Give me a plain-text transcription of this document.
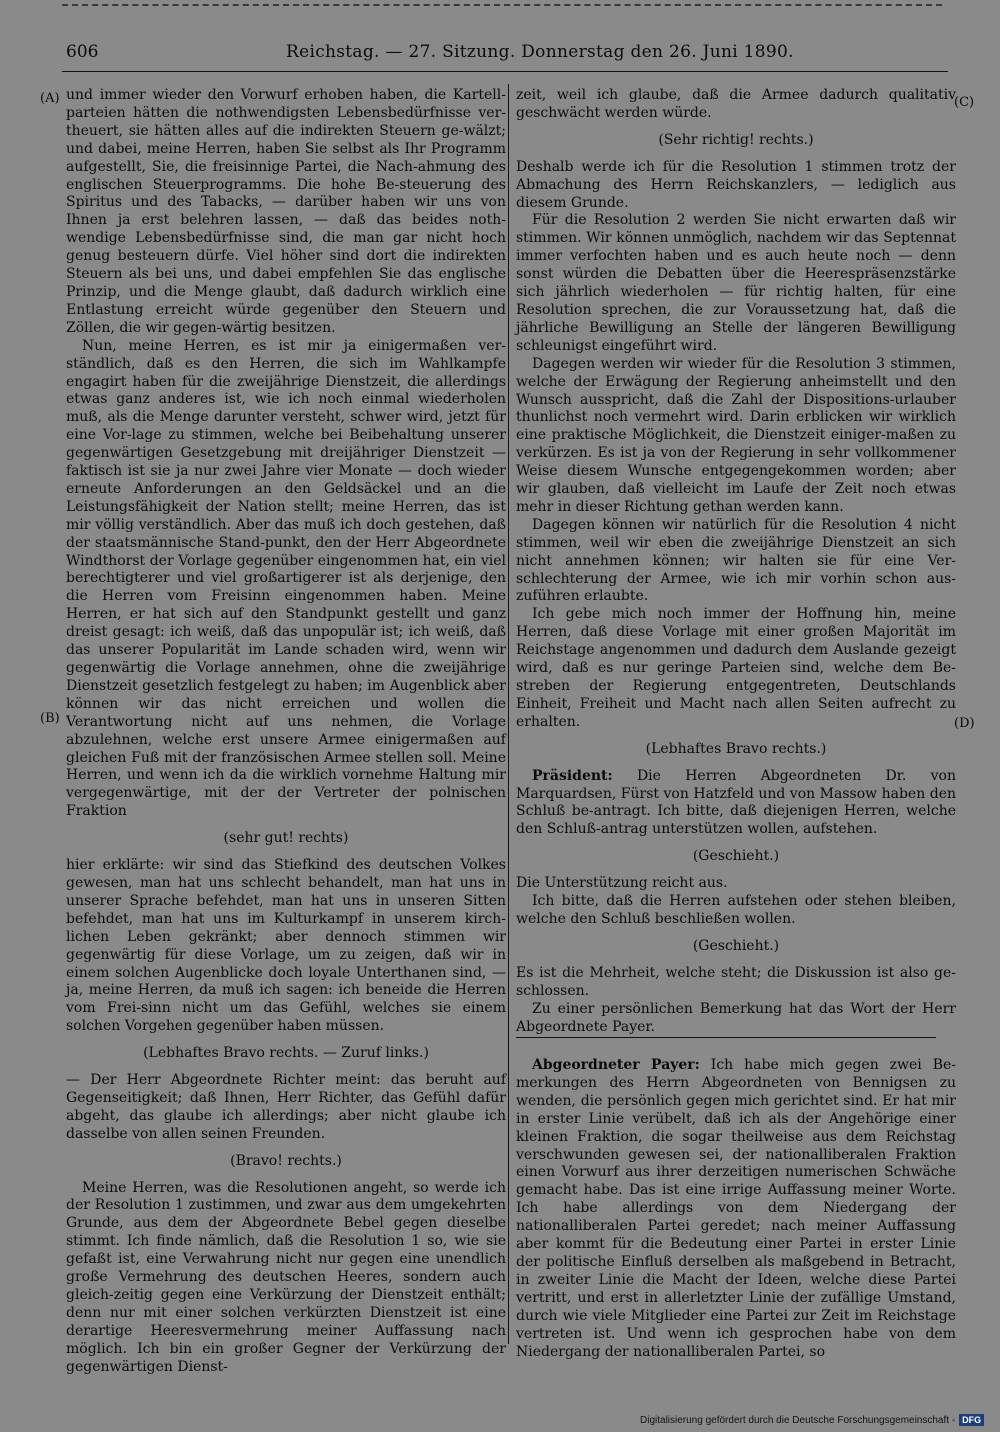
606	Reichstag. — 27. Sitzung. Donnerstag den 26. Juni 1890.
(A)
(B)
(C)
(D)

und immer wieder den Vorwurf erhoben haben, die Kartell-parteien hätten die nothwendigsten Lebensbedürfnisse ver-theuert, sie hätten alles auf die indirekten Steuern ge-wälzt; und dabei, meine Herren, haben Sie selbst als Ihr Programm aufgestellt, Sie, die freisinnige Partei, die Nach-ahmung des englischen Steuerprogramms. Die hohe Be-steuerung des Spiritus und des Tabacks, — darüber haben wir uns von Ihnen ja erst belehren lassen, — daß das beides noth-wendige Lebensbedürfnisse sind, die man gar nicht hoch genug besteuern dürfe. Viel höher sind dort die indirekten Steuern als bei uns, und dabei empfehlen Sie das englische Prinzip, und die Menge glaubt, daß dadurch wirklich eine Entlastung erreicht würde gegenüber den Steuern und Zöllen, die wir gegen-wärtig besitzen.

Nun, meine Herren, es ist mir ja einigermaßen ver-ständlich, daß es den Herren, die sich im Wahlkampfe engagirt haben für die zweijährige Dienstzeit, die allerdings etwas ganz anderes ist, wie ich noch einmal wiederholen muß, als die Menge darunter versteht, schwer wird, jetzt für eine Vor-lage zu stimmen, welche bei Beibehaltung unserer gegenwärtigen Gesetzgebung mit dreijähriger Dienstzeit — faktisch ist sie ja nur zwei Jahre vier Monate — doch wieder erneute Anforderungen an den Geldsäckel und an die Leistungsfähigkeit der Nation stellt; meine Herren, das ist mir völlig verständlich. Aber das muß ich doch gestehen, daß der staatsmännische Stand-punkt, den der Herr Abgeordnete Windthorst der Vorlage gegenüber eingenommen hat, ein viel berechtigterer und viel großartigerer ist als derjenige, den die Herren vom Freisinn eingenommen haben. Meine Herren, er hat sich auf den Standpunkt gestellt und ganz dreist gesagt: ich weiß, daß das unpopulär ist; ich weiß, daß das unserer Popularität im Lande schaden wird, wenn wir gegenwärtig die Vorlage annehmen, ohne die zweijährige Dienstzeit gesetzlich festgelegt zu haben; im Augenblick aber können wir das nicht erreichen und wollen die Verantwortung nicht auf uns nehmen, die Vorlage abzulehnen, welche erst unsere Armee einigermaßen auf gleichen Fuß mit der französischen Armee stellen soll. Meine Herren, und wenn ich da die wirklich vornehme Haltung mir vergegenwärtige, mit der der Vertreter der polnischen Fraktion

(sehr gut! rechts)

hier erklärte: wir sind das Stiefkind des deutschen Volkes gewesen, man hat uns schlecht behandelt, man hat uns in unserer Sprache befehdet, man hat uns in unseren Sitten befehdet, man hat uns im Kulturkampf in unserem kirch-lichen Leben gekränkt; aber dennoch stimmen wir gegenwärtig für diese Vorlage, um zu zeigen, daß wir in einem solchen Augenblicke doch loyale Unterthanen sind, — ja, meine Herren, da muß ich sagen: ich beneide die Herren vom Frei-sinn nicht um das Gefühl, welches sie einem solchen Vorgehen gegenüber haben müssen.

(Lebhaftes Bravo rechts. — Zuruf links.)

— Der Herr Abgeordnete Richter meint: das beruht auf Gegenseitigkeit; daß Ihnen, Herr Richter, das Gefühl dafür abgeht, das glaube ich allerdings; aber nicht glaube ich dasselbe von allen seinen Freunden.

(Bravo! rechts.)

Meine Herren, was die Resolutionen angeht, so werde ich der Resolution 1 zustimmen, und zwar aus dem umgekehrten Grunde, aus dem der Abgeordnete Bebel gegen dieselbe stimmt. Ich finde nämlich, daß die Resolution 1 so, wie sie gefaßt ist, eine Verwahrung nicht nur gegen eine unendlich große Vermehrung des deutschen Heeres, sondern auch gleich-zeitig gegen eine Verkürzung der Dienstzeit enthält; denn nur mit einer solchen verkürzten Dienstzeit ist eine derartige Heeresvermehrung meiner Auffassung nach möglich. Ich bin ein großer Gegner der Verkürzung der gegenwärtigen Dienst-

zeit, weil ich glaube, daß die Armee dadurch qualitativ geschwächt werden würde.

(Sehr richtig! rechts.)

Deshalb werde ich für die Resolution 1 stimmen trotz der Abmachung des Herrn Reichskanzlers, — lediglich aus diesem Grunde.

Für die Resolution 2 werden Sie nicht erwarten daß wir stimmen. Wir können unmöglich, nachdem wir das Septennat immer verfochten haben und es auch heute noch — denn sonst würden die Debatten über die Heerespräsenzstärke sich jährlich wiederholen — für richtig halten, für eine Resolution sprechen, die zur Voraussetzung hat, daß die jährliche Bewilligung an Stelle der längeren Bewilligung schleunigst eingeführt wird.

Dagegen werden wir wieder für die Resolution 3 stimmen, welche der Erwägung der Regierung anheimstellt und den Wunsch ausspricht, daß die Zahl der Dispositions-urlauber thunlichst noch vermehrt wird. Darin erblicken wir wirklich eine praktische Möglichkeit, die Dienstzeit einiger-maßen zu verkürzen. Es ist ja von der Regierung in sehr vollkommener Weise diesem Wunsche entgegengekommen worden; aber wir glauben, daß vielleicht im Laufe der Zeit noch etwas mehr in dieser Richtung gethan werden kann.

Dagegen können wir natürlich für die Resolution 4 nicht stimmen, weil wir eben die zweijährige Dienstzeit an sich nicht annehmen können; wir halten sie für eine Ver-schlechterung der Armee, wie ich mir vorhin schon aus-zuführen erlaubte.

Ich gebe mich noch immer der Hoffnung hin, meine Herren, daß diese Vorlage mit einer großen Majorität im Reichstage angenommen und dadurch dem Auslande gezeigt wird, daß es nur geringe Parteien sind, welche dem Be-streben der Regierung entgegentreten, Deutschlands Einheit, Freiheit und Macht nach allen Seiten aufrecht zu erhalten.

(Lebhaftes Bravo rechts.)

Präsident: Die Herren Abgeordneten Dr. von Marquardsen, Fürst von Hatzfeld und von Massow haben den Schluß be-antragt. Ich bitte, daß diejenigen Herren, welche den Schluß-antrag unterstützen wollen, aufstehen.

(Geschieht.)

Die Unterstützung reicht aus.

Ich bitte, daß die Herren aufstehen oder stehen bleiben, welche den Schluß beschließen wollen.

(Geschieht.)

Es ist die Mehrheit, welche steht; die Diskussion ist also ge-schlossen.

Zu einer persönlichen Bemerkung hat das Wort der Herr Abgeordnete Payer.

Abgeordneter Payer: Ich habe mich gegen zwei Be-merkungen des Herrn Abgeordneten von Bennigsen zu wenden, die persönlich gegen mich gerichtet sind. Er hat mir in erster Linie verübelt, daß ich als der Angehörige einer kleinen Fraktion, die sogar theilweise aus dem Reichstag verschwunden gewesen sei, der nationalliberalen Fraktion einen Vorwurf aus ihrer derzeitigen numerischen Schwäche gemacht habe. Das ist eine irrige Auffassung meiner Worte. Ich habe allerdings von dem Niedergang der nationalliberalen Partei geredet; nach meiner Auffassung aber kommt für die Bedeutung einer Partei in erster Linie der politische Einfluß derselben als maßgebend in Betracht, in zweiter Linie die Macht der Ideen, welche diese Partei vertritt, und erst in allerletzter Linie der zufällige Umstand, durch wie viele Mitglieder eine Partei zur Zeit im Reichstage vertreten ist. Und wenn ich gesprochen habe von dem Niedergang der nationalliberalen Partei, so

Digitalisierung gefördert durch die Deutsche Forschungsgemeinschaft - DFG
